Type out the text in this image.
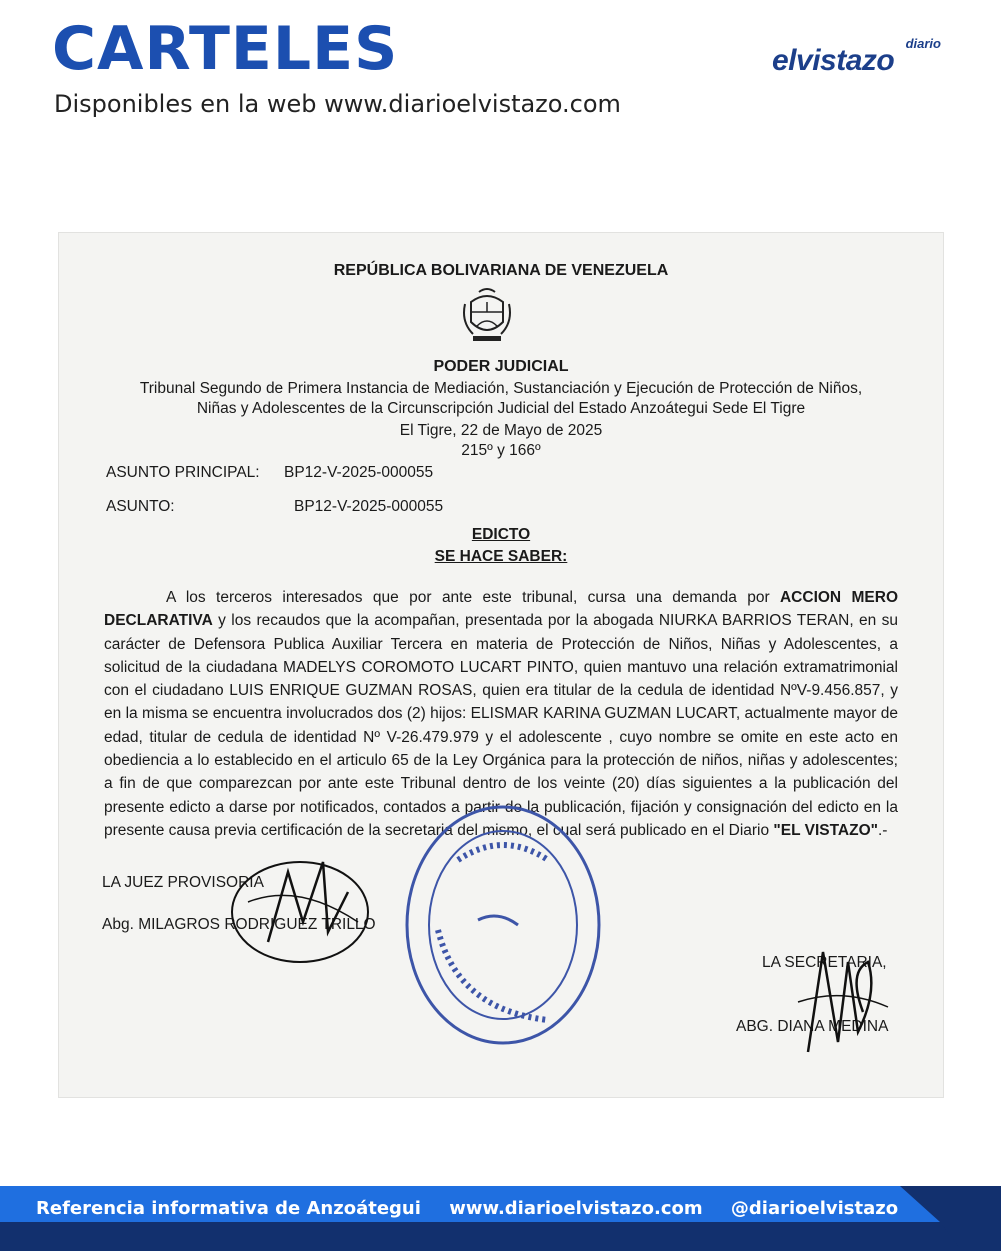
CARTELES
Disponibles en la web www.diarioelvistazo.com
diario
elvistazo
REPÚBLICA BOLIVARIANA DE VENEZUELA
PODER JUDICIAL
Tribunal Segundo de Primera Instancia de Mediación, Sustanciación y Ejecución de Protección de Niños,
Niñas y Adolescentes de la Circunscripción Judicial del Estado Anzoátegui Sede El Tigre
El Tigre, 22 de Mayo de 2025
215º y 166º
ASUNTO PRINCIPAL: BP12-V-2025-000055
ASUNTO:	BP12-V-2025-000055
EDICTO
SE HACE SABER:
A los terceros interesados que por ante este tribunal, cursa una demanda por ACCION MERO DECLARATIVA y los recaudos que la acompañan, presentada por la abogada NIURKA BARRIOS TERAN, en su carácter de Defensora Publica Auxiliar Tercera en materia de Protección de Niños, Niñas y Adolescentes, a solicitud de la ciudadana MADELYS COROMOTO LUCART PINTO, quien mantuvo una relación extramatrimonial con el ciudadano LUIS ENRIQUE GUZMAN ROSAS, quien era titular de la cedula de identidad NºV-9.456.857, y en la misma se encuentra involucrados dos (2) hijos: ELISMAR KARINA GUZMAN LUCART, actualmente mayor de edad, titular de cedula de identidad Nº V-26.479.979 y el adolescente , cuyo nombre se omite en este acto en obediencia a lo establecido en el articulo 65 de la Ley Orgánica para la protección de niños, niñas y adolescentes; a fin de que comparezcan por ante este Tribunal dentro de los veinte (20) días siguientes a la publicación del presente edicto a darse por notificados, contados a partir de la publicación, fijación y consignación del edicto en la presente causa previa certificación de la secretaria del mismo, el cual será publicado en el Diario "EL VISTAZO".-
LA JUEZ PROVISORIA
Abg. MILAGROS RODRIGUEZ TRILLO
LA SECRETARIA,
ABG. DIANA MEDINA
Referencia informativa de Anzoátegui www.diarioelvistazo.com @diarioelvistazo
